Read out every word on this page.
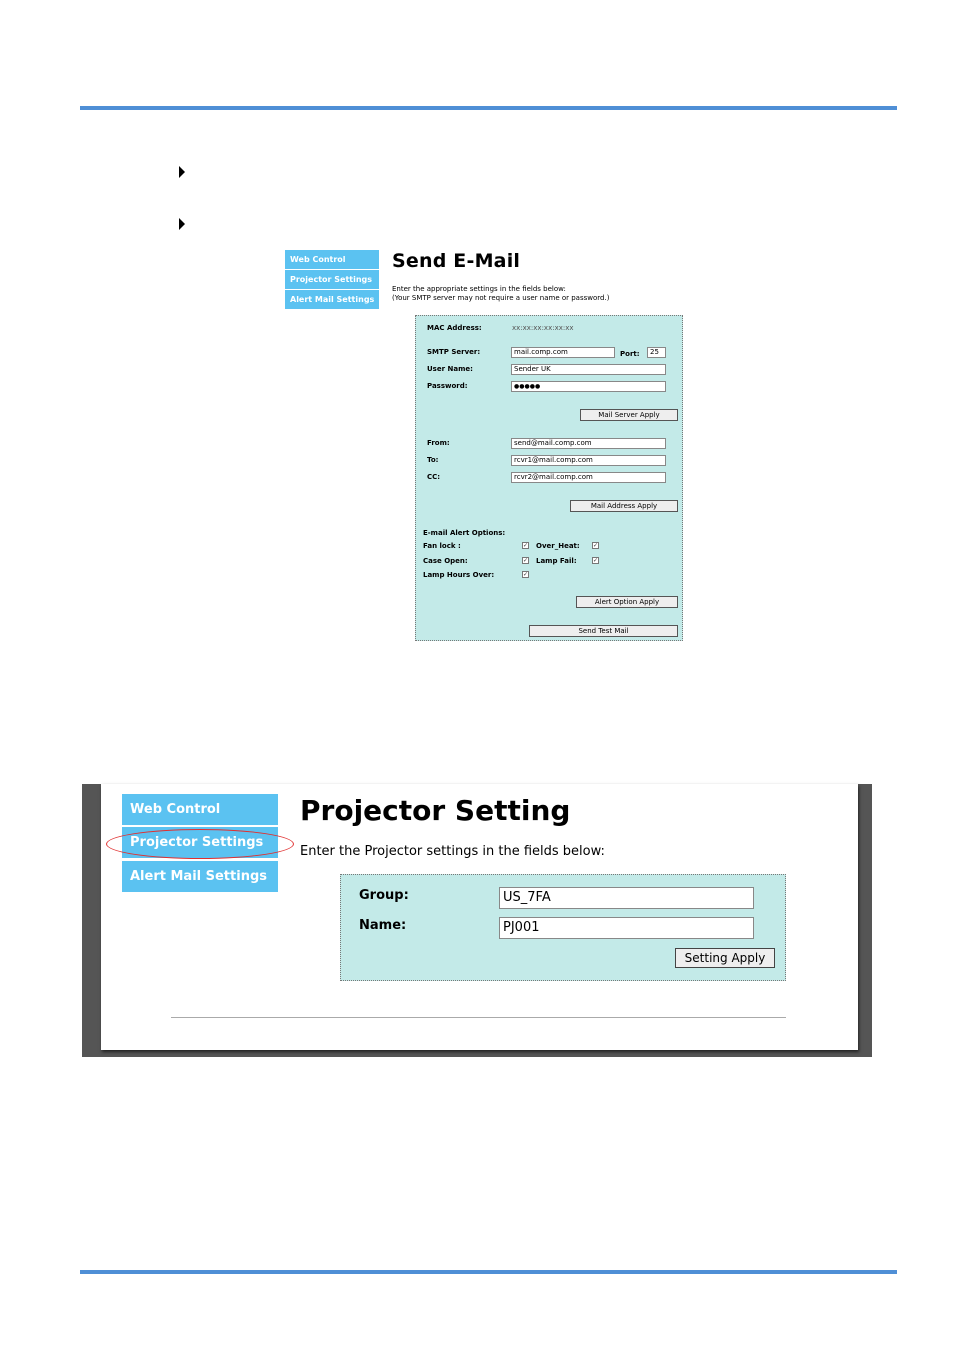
Web Control
Projector Settings
Alert Mail Settings
Send E-Mail
Enter the appropriate settings in the fields below:
(Your SMTP server may not require a user name or password.)
MAC Address:	xx:xx:xx:xx:xx:xx
SMTP Server:	mail.comp.com	Port:	25
User Name:	Sender UK
Password:	●●●●●
Mail Server Apply
From:	send@mail.comp.com
To:	rcvr1@mail.comp.com
CC:	rcvr2@mail.comp.com
Mail Address Apply
E-mail Alert Options:
Fan lock :	✓ Over_Heat: ✓
Case Open:	✓ Lamp Fail:	✓
Lamp Hours Over:	✓
Alert Option Apply
Send Test Mail
Web Control
Projector Settings
Alert Mail Settings
Projector Setting
Enter the Projector settings in the fields below:
Group:	US_7FA
Name:	PJ001
Setting Apply
